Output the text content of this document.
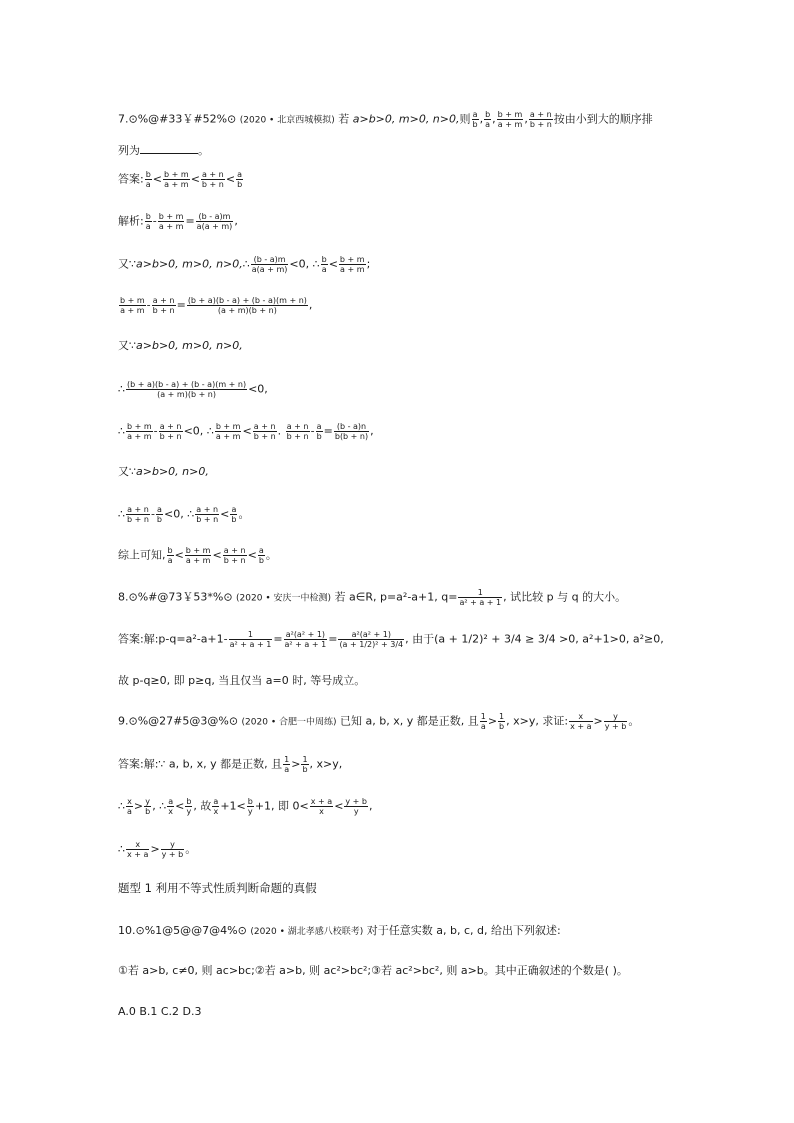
7.⊙%@#33￥#52%⊙ (2020 • 北京西城模拟) 若 a>b>0, m>0, n>0,则 $\frac{a}{b}$ , $\frac{b}{a}$ , $\frac{b + m}{a + m}$ , $\frac{a + n}{b + n}$ 按由小到大的顺序排
列为	。
答案: $\frac{b}{a} < \frac{b + m}{a + m} < \frac{a + n}{b + n} < \frac{a}{b}$
解析: $\frac{b}{a} - \frac{b + m}{a + m} = \frac{(b - a)m}{a(a + m)}$ ,
又∵a>b>0, m>0, n>0,∴ $\frac{(b - a)m}{a(a + m)} <0$, ∴ $\frac{b}{a} < \frac{b + m}{a + m}$ ;
$\frac{b + m}{a + m} - \frac{a + n}{b + n} = \frac{(b + a)(b - a) + (b - a)(m + n)}{(a + m)(b + n)}$ ,
又∵a>b>0, m>0, n>0,
∴ $\frac{(b + a)(b - a) + (b - a)(m + n)}{(a + m)(b + n)} <0$,
∴ $\frac{b + m}{a + m} - \frac{a + n}{b + n} <0$, ∴ $\frac{b + m}{a + m} < \frac{a + n}{b + n}$ . $\frac{a + n}{b + n} - \frac{a}{b} = \frac{(b - a)n}{b(b + n)}$ ,
又∵a>b>0, n>0,
∴ $\frac{a + n}{b + n} - \frac{a}{b} <0$, ∴ $\frac{a + n}{b + n} < \frac{a}{b}$ 。
综上可知, $\frac{b}{a} < \frac{b + m}{a + m} < \frac{a + n}{b + n} < \frac{a}{b}$ 。
8.⊙%#@73￥53*%⊙ (2020 • 安庆一中检测) 若 a∈R, p=a²-a+1, $q= \frac{1}{\text{a² + a + 1}}$ , 试比较 p 与 q 的大小。
答案:解:p-q=a²-a+1- $\frac{1}{\text{a² + a + 1}} = \frac{\text{a²(a² + 1)}}{\text{a² + a + 1}} = \frac{\text{a²(a² + 1)}}{\text{(a + 1/2)² + 3/4}}$ , 由于(a + 1/2)² + 3/4 ≥ 3/4 >0, a²+1>0, a²≥0,
故 p-q≥0, 即 p≥q, 当且仅当 a=0 时, 等号成立。
9.⊙%@27#5@3@%⊙ (2020 • 合肥一中周练) 已知 a, b, x, y 都是正数, 且 $\frac{1}{a} > \frac{1}{b}$ , x>y, 求证: $\frac{x}{x + a} > \frac{y}{y + b}$ 。
答案:解:∵ a, b, x, y 都是正数, 且 $\frac{1}{a} > \frac{1}{b}$ , x>y,
∴ $\frac{x}{a} > \frac{y}{b}$ , ∴ $\frac{a}{x} < \frac{b}{y}$ , 故 $\frac{a}{x} +1< \frac{b}{y} +1$, 即 $0< \frac{x + a}{x} < \frac{y + b}{y}$ ,
∴ $\frac{x}{x + a} > \frac{y}{y + b}$ 。
题型 1 利用不等式性质判断命题的真假
10.⊙%1@5@@7@4%⊙ (2020 • 湖北孝感八校联考) 对于任意实数 a, b, c, d, 给出下列叙述:
①若 a>b, c≠0, 则 ac>bc;②若 a>b, 则 ac²>bc²;③若 ac²>bc², 则 a>b。其中正确叙述的个数是( )。
A.0 B.1 C.2 D.3
